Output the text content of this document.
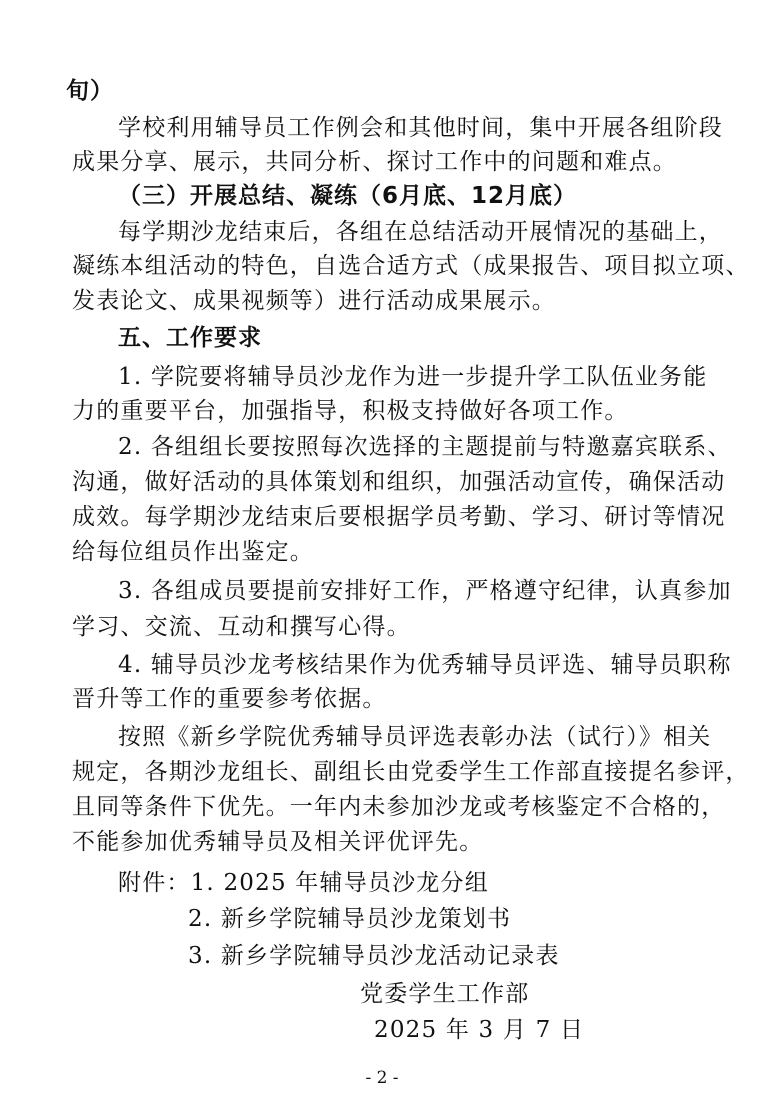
旬）
学校利用辅导员工作例会和其他时间，集中开展各组阶段
成果分享、展示，共同分析、探讨工作中的问题和难点。
（三）开展总结、凝练（6月底、12月底）
每学期沙龙结束后，各组在总结活动开展情况的基础上，
凝练本组活动的特色，自选合适方式（成果报告、项目拟立项、
发表论文、成果视频等）进行活动成果展示。
五、工作要求
1. 学院要将辅导员沙龙作为进一步提升学工队伍业务能
力的重要平台，加强指导，积极支持做好各项工作。
2. 各组组长要按照每次选择的主题提前与特邀嘉宾联系、
沟通，做好活动的具体策划和组织，加强活动宣传，确保活动
成效。每学期沙龙结束后要根据学员考勤、学习、研讨等情况
给每位组员作出鉴定。
3. 各组成员要提前安排好工作，严格遵守纪律，认真参加
学习、交流、互动和撰写心得。
4. 辅导员沙龙考核结果作为优秀辅导员评选、辅导员职称
晋升等工作的重要参考依据。
按照《新乡学院优秀辅导员评选表彰办法（试行）》相关
规定，各期沙龙组长、副组长由党委学生工作部直接提名参评，
且同等条件下优先。一年内未参加沙龙或考核鉴定不合格的，
不能参加优秀辅导员及相关评优评先。
附件：1. 2025 年辅导员沙龙分组
2. 新乡学院辅导员沙龙策划书
3. 新乡学院辅导员沙龙活动记录表
党委学生工作部
2025 年 3 月 7 日
- 2 -
